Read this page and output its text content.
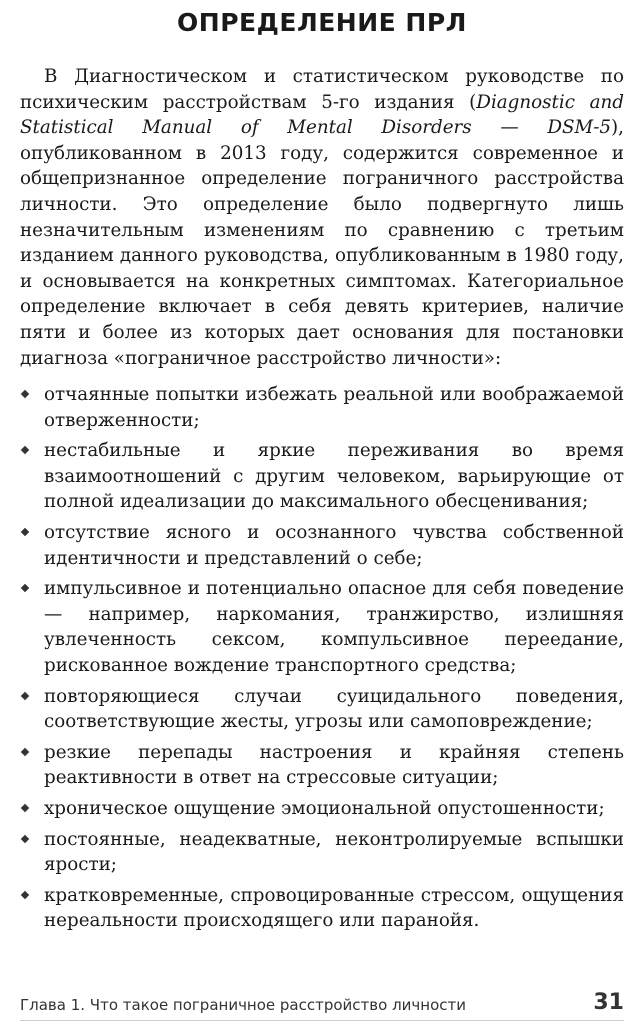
ОПРЕДЕЛЕНИЕ ПРЛ

В Диагностическом и статистическом руководстве по психическим расстройствам 5-го издания (Diagnostic and Statistical Manual of Mental Disorders — DSM-5), опубликованном в 2013 году, содержится современное и общепризнанное определение пограничного расстройства личности. Это определение было подвергнуто лишь незначительным изменениям по сравнению с третьим изданием данного руководства, опубликованным в 1980 году, и основывается на конкретных симптомах. Категориальное определение включает в себя девять критериев, наличие пяти и более из которых дает основания для постановки диагноза «пограничное расстройство личности»:

отчаянные попытки избежать реальной или воображаемой отверженности;
нестабильные и яркие переживания во время взаимоотношений с другим человеком, варьирующие от полной идеализации до максимального обесценивания;
отсутствие ясного и осознанного чувства собственной идентичности и представлений о себе;
импульсивное и потенциально опасное для себя поведение — например, наркомания, транжирство, излишняя увлеченность сексом, компульсивное переедание, рискованное вождение транспортного средства;
повторяющиеся случаи суицидального поведения, соответствующие жесты, угрозы или самоповреждение;
резкие перепады настроения и крайняя степень реактивности в ответ на стрессовые ситуации;
хроническое ощущение эмоциональной опустошенности;
постоянные, неадекватные, неконтролируемые вспышки ярости;
кратковременные, спровоцированные стрессом, ощущения нереальности происходящего или паранойя.
Глава 1. Что такое пограничное расстройство личности	31
